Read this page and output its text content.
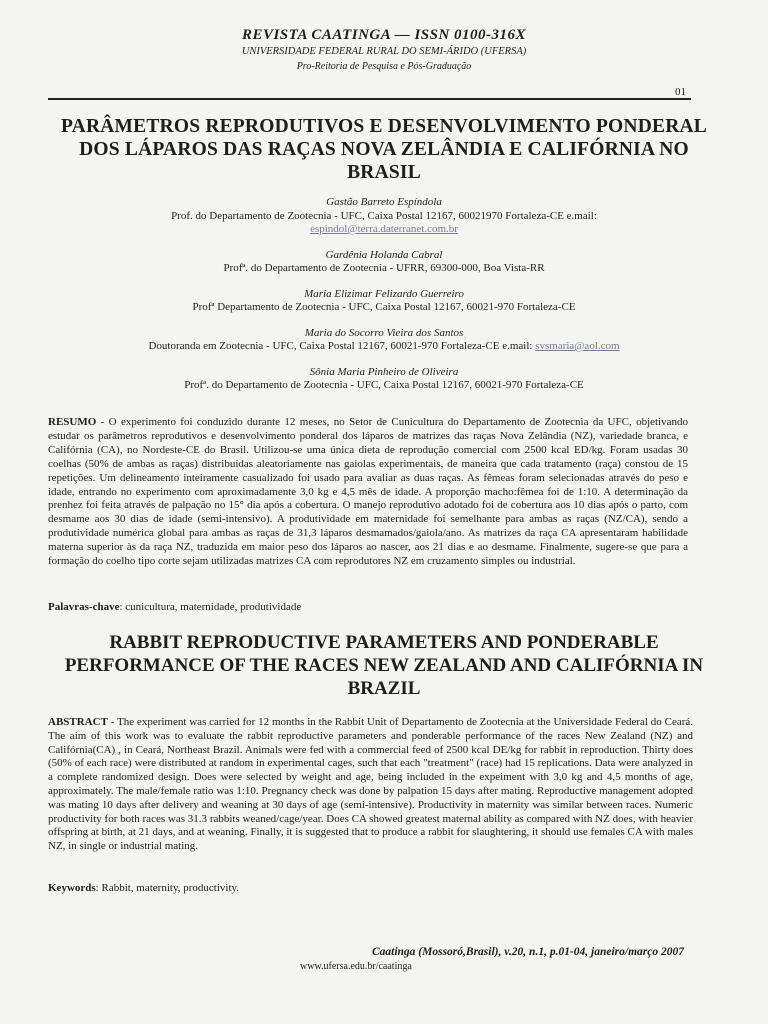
REVISTA CAATINGA — ISSN 0100-316X
UNIVERSIDADE FEDERAL RURAL DO SEMI-ÁRIDO (UFERSA)
Pro-Reitoria de Pesquisa e Pós-Graduação
01
PARÂMETROS REPRODUTIVOS E DESENVOLVIMENTO PONDERAL DOS LÁPAROS DAS RAÇAS NOVA ZELÂNDIA E CALIFÓRNIA NO BRASIL
Gastão Barreto Espíndola
Prof. do Departamento de Zootecnia - UFC, Caixa Postal 12167, 60021970 Fortaleza-CE e.mail:
espindol@terra.daterranet.com.br
Gardênia Holanda Cabral
Profª. do Departamento de Zootecnia - UFRR, 69300-000, Boa Vista-RR
Maria Elizimar Felizardo Guerreiro
Profª Departamento de Zootecnia - UFC, Caixa Postal 12167, 60021-970 Fortaleza-CE
Maria do Socorro Vieira dos Santos
Doutoranda em Zootecnia - UFC, Caixa Postal 12167, 60021-970 Fortaleza-CE e.mail: svsmaria@aol.com
Sônia Maria Pinheiro de Oliveira
Profª. do Departamento de Zootecnia - UFC, Caixa Postal 12167, 60021-970 Fortaleza-CE
RESUMO - O experimento foi conduzido durante 12 meses, no Setor de Cunicultura do Departamento de Zootecnia da UFC, objetivando estudar os parâmetros reprodutivos e desenvolvimento ponderal dos láparos de matrizes das raças Nova Zelândia (NZ), variedade branca, e Califórnia (CA), no Nordeste-CE do Brasil. Utilizou-se uma única dieta de reprodução comercial com 2500 kcal ED/kg. Foram usadas 30 coelhas (50% de ambas as raças) distribuídas aleatoriamente nas gaiolas experimentais, de maneira que cada tratamento (raça) constou de 15 repetições. Um delineamento inteiramente casualizado foi usado para avaliar as duas raças. As fêmeas foram selecionadas através do peso e idade, entrando no experimento com aproximadamente 3,0 kg e 4,5 mês de idade. A proporção macho:fêmea foi de 1:10. A determinação da prenhez foi feita através de palpação no 15° dia após a cobertura. O manejo reprodutivo adotado foi de cobertura aos 10 dias após o parto, com desmame aos 30 dias de idade (semi-intensivo). A produtividade em maternidade foi semelhante para ambas as raças (NZ/CA), sendo a produtividade numérica global para ambas as raças de 31,3 láparos desmamados/gaiola/ano. As matrizes da raça CA apresentaram habilidade materna superior às da raça NZ, traduzida em maior peso dos láparos ao nascer, aos 21 dias e ao desmame. Finalmente, sugere-se que para a formação do coelho tipo corte sejam utilizadas matrizes CA com reprodutores NZ em cruzamento simples ou industrial.
Palavras-chave: cunicultura, maternidade, produtividade
RABBIT REPRODUCTIVE PARAMETERS AND PONDERABLE PERFORMANCE OF THE RACES NEW ZEALAND AND CALIFÓRNIA IN BRAZIL
ABSTRACT - The experiment was carried for 12 months in the Rabbit Unit of Departamento de Zootecnia at the Universidade Federal do Ceará. The aim of this work was to evaluate the rabbit reproductive parameters and ponderable performance of the races New Zealand (NZ) and Califórnia(CA) , in Ceará, Northeast Brazil. Animals were fed with a commercial feed of 2500 kcal DE/kg for rabbit in reproduction. Thirty does (50% of each race) were distributed at random in experimental cages, such that each "treatment" (race) had 15 replications. Data were analyzed in a complete randomized design. Does were selected by weight and age, being included in the expeiment with 3,0 kg and 4,5 months of age, approximately. The male/female ratio was 1:10. Pregnancy check was done by palpation 15 days after mating. Reproductive management adopted was mating 10 days after delivery and weaning at 30 days of age (semi-intensive). Productivity in maternity was similar between races. Numeric productivity for both races was 31.3 rabbits weaned/cage/year. Does CA showed greatest maternal ability as compared with NZ does, with heavier offspring at birth, at 21 days, and at weaning. Finally, it is suggested that to produce a rabbit for slaughtering, it should use females CA with males NZ, in single or industrial mating.
Keywords: Rabbit, maternity, productivity.
Caatinga (Mossoró,Brasil), v.20, n.1, p.01-04, janeiro/março 2007
www.ufersa.edu.br/caatinga
